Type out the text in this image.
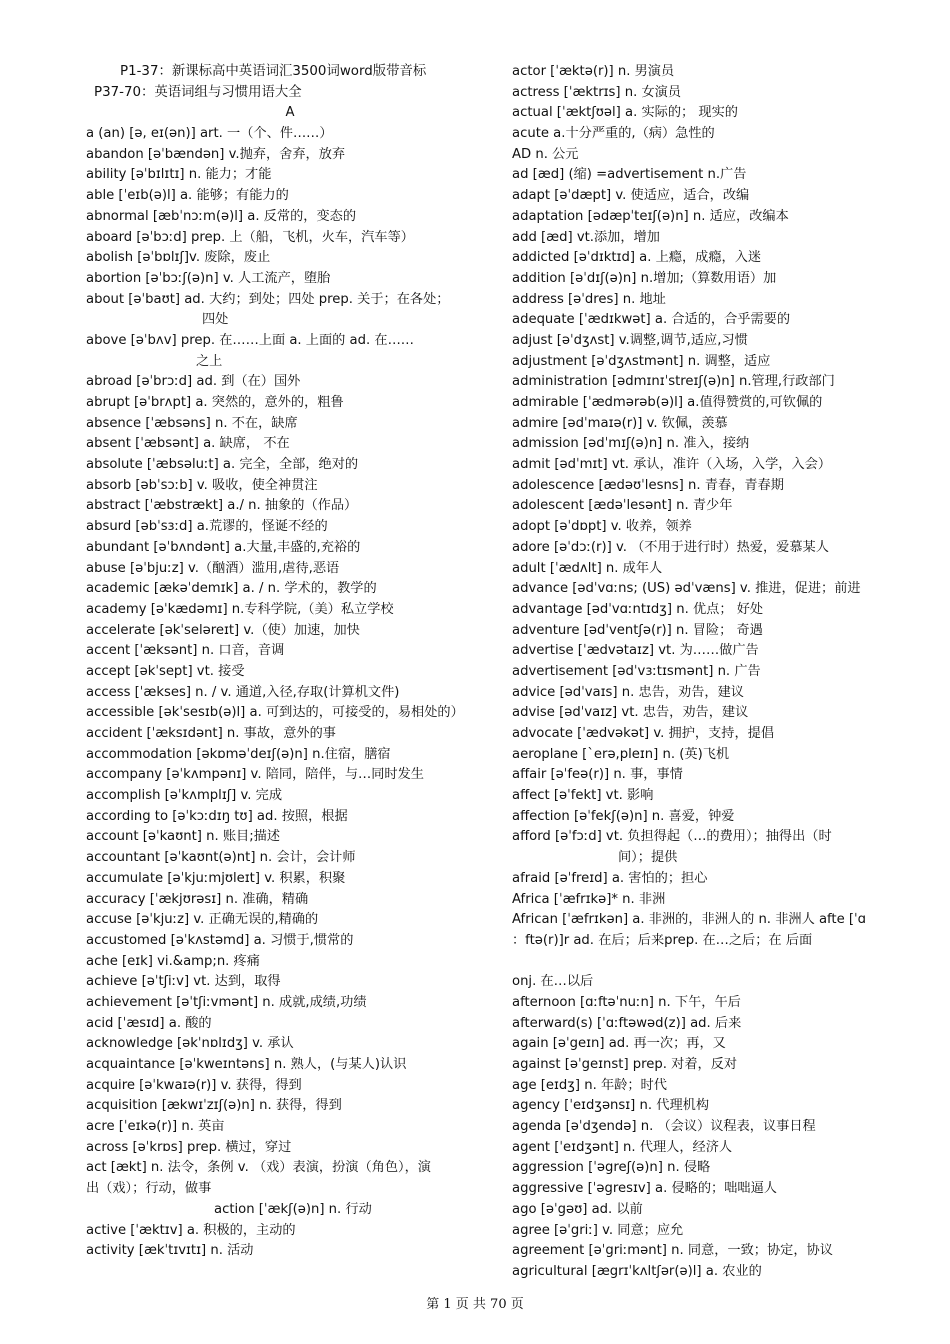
P1-37：新课标高中英语词汇3500词word版带音标
P37-70：英语词组与习惯用语大全
A
a (an) [ə, eɪ(ən)] art. 一（个、件……）
abandon [əˈbændən] v.抛弃，舍弃，放弃
ability [əˈbɪlɪtɪ] n. 能力；才能
able [ˈeɪb(ə)l] a. 能够；有能力的
abnormal [æbˈnɔːm(ə)l] a. 反常的，变态的
aboard [əˈbɔːd] prep. 上（船，飞机，火车，汽车等）
abolish [əˈbɒlɪʃ]v. 废除，废止
abortion [əˈbɔːʃ(ə)n] v. 人工流产，堕胎
about [əˈbaʊt] ad. 大约；到处；四处 prep. 关于；在各处；
四处
above [əˈbʌv] prep. 在……上面 a. 上面的 ad. 在……
之上
abroad [əˈbrɔːd] ad. 到（在）国外
abrupt [əˈbrʌpt] a. 突然的，意外的，粗鲁
absence [ˈæbsəns] n. 不在，缺席
absent [ˈæbsənt] a. 缺席， 不在
absolute [ˈæbsəluːt] a. 完全，全部，绝对的
absorb [əbˈsɔːb] v. 吸收，使全神贯注
abstract [ˈæbstrækt] a./ n. 抽象的（作品）
absurd [əbˈsɜːd] a.荒谬的，怪诞不经的
abundant [əˈbʌndənt] a.大量,丰盛的,充裕的
abuse [əˈbjuːz] v.（酗酒）滥用,虐待,恶语
academic [ækəˈdemɪk] a. / n. 学术的，教学的
academy [əˈkædəmɪ] n.专科学院,（美）私立学校
accelerate [əkˈseləreɪt] v.（使）加速，加快
accent [ˈæksənt] n. 口音，音调
accept [əkˈsept] vt. 接受
access [ˈækses] n. / v. 通道,入径,存取(计算机文件)
accessible [əkˈsesɪb(ə)l] a. 可到达的，可接受的，易相处的）
accident [ˈæksɪdənt] n. 事故，意外的事
accommodation [əkɒməˈdeɪʃ(ə)n] n.住宿，膳宿
accompany [əˈkʌmpənɪ] v. 陪同，陪伴，与…同时发生
accomplish [əˈkʌmplɪʃ] v. 完成
according to [əˈkɔːdɪŋ tʊ] ad. 按照，根据
account [əˈkaʊnt] n. 账目;描述
accountant [əˈkaʊnt(ə)nt] n. 会计，会计师
accumulate [əˈkjuːmjʊleɪt] v. 积累，积聚
accuracy [ˈækjʊrəsɪ] n. 准确，精确
accuse [əˈkjuːz] v. 正确无误的,精确的
accustomed [əˈkʌstəmd] a. 习惯于,惯常的
ache [eɪk] vi.&amp;n. 疼痛
achieve [əˈtʃiːv] vt. 达到，取得
achievement [əˈtʃiːvmənt] n. 成就,成绩,功绩
acid [ˈæsɪd] a. 酸的
acknowledge [əkˈnɒlɪdʒ] v. 承认
acquaintance [əˈkweɪntəns] n. 熟人，(与某人)认识
acquire [əˈkwaɪə(r)] v. 获得，得到
acquisition [ækwɪˈzɪʃ(ə)n] n. 获得，得到
acre [ˈeɪkə(r)] n. 英亩
across [əˈkrɒs] prep. 横过，穿过
act [ækt] n. 法令，条例 v. （戏）表演，扮演（角色），演
出（戏）；行动，做事
action [ˈækʃ(ə)n] n. 行动
active [ˈæktɪv] a. 积极的，主动的
activity [ækˈtɪvɪtɪ] n. 活动
actor [ˈæktə(r)] n. 男演员
actress [ˈæktrɪs] n. 女演员
actual [ˈæktʃʊəl] a. 实际的； 现实的
acute a.十分严重的,（病）急性的
AD n. 公元
ad [æd] (缩) =advertisement n.广告
adapt [əˈdæpt] v. 使适应，适合，改编
adaptation [ədæpˈteɪʃ(ə)n] n. 适应，改编本
add [æd] vt.添加，增加
addicted [əˈdɪktɪd] a. 上瘾，成瘾，入迷
addition [əˈdɪʃ(ə)n] n.增加;（算数用语）加
address [əˈdres] n. 地址
adequate [ˈædɪkwət] a. 合适的，合乎需要的
adjust [əˈdʒʌst] v.调整,调节,适应,习惯
adjustment [əˈdʒʌstmənt] n. 调整，适应
administration [ədmɪnɪˈstreɪʃ(ə)n] n.管理,行政部门
admirable [ˈædmərəb(ə)l] a.值得赞赏的,可钦佩的
admire [ədˈmaɪə(r)] v. 钦佩，羡慕
admission [ədˈmɪʃ(ə)n] n. 准入，接纳
admit [ədˈmɪt] vt. 承认，准许（入场，入学，入会）
adolescence [ædəʊˈlesns] n. 青春，青春期
adolescent [ædəˈlesənt] n. 青少年
adopt [əˈdɒpt] v. 收养，领养
adore [əˈdɔː(r)] v. （不用于进行时）热爱，爱慕某人
adult [ˈædʌlt] n. 成年人
advance [ədˈvɑːns; (US) ədˈvæns] v. 推进，促进；前进
advantage [ədˈvɑːntɪdʒ] n. 优点； 好处
adventure [ədˈventʃə(r)] n. 冒险； 奇遇
advertise [ˈædvətaɪz] vt. 为……做广告
advertisement [ədˈvɜːtɪsmənt] n. 广告
advice [ədˈvaɪs] n. 忠告，劝告，建议
advise [ədˈvaɪz] vt. 忠告，劝告，建议
advocate [ˈædvəkət] v. 拥护，支持，提倡
aeroplane [ˋerə,pleɪn] n. (英)飞机
affair [əˈfeə(r)] n. 事，事情
affect [əˈfekt] vt. 影响
affection [əˈfekʃ(ə)n] n. 喜爱，钟爱
afford [əˈfɔːd] vt. 负担得起（…的费用）；抽得出（时
间）；提供
afraid [əˈfreɪd] a. 害怕的；担心
Africa [ˈæfrɪkə]* n. 非洲
African [ˈæfrɪkən] a. 非洲的，非洲人的 n. 非洲人 afte [ˈɑ
：ftə(r)]r ad. 在后；后来prep. 在…之后；在 后面
onj. 在…以后
afternoon [ɑːftəˈnuːn] n. 下午，午后
afterward(s) [ˈɑːftəwəd(z)] ad. 后来
again [əˈgeɪn] ad. 再一次；再，又
against [əˈgeɪnst] prep. 对着，反对
age [eɪdʒ] n. 年龄；时代
agency [ˈeɪdʒənsɪ] n. 代理机构
agenda [əˈdʒendə] n. （会议）议程表，议事日程
agent [ˈeɪdʒənt] n. 代理人，经济人
aggression [ˈəgreʃ(ə)n] n. 侵略
aggressive [ˈəgresɪv] a. 侵略的；咄咄逼人
ago [əˈgəʊ] ad. 以前
agree [əˈgriː] v. 同意；应允
agreement [əˈgriːmənt] n. 同意，一致；协定，协议
agricultural [ægrɪˈkʌltʃər(ə)l] a. 农业的
第 1 页 共 70 页
